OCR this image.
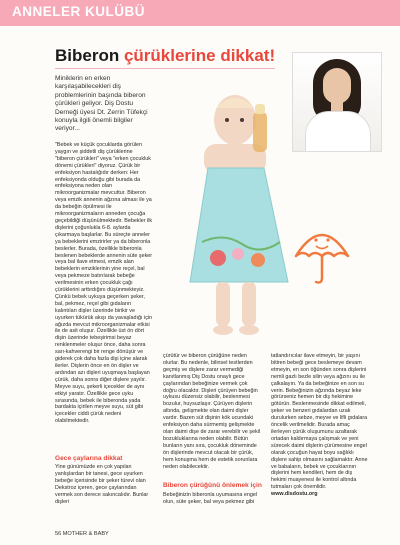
ANNELER KULÜBÜ
Biberon çürüklerine dikkat!
Miniklerin en erken karşılaşabilecekleri diş problemlerinin başında biberon çürükleri geliyor. Diş Dostu Derneği üyesi Dt. Zerrin Tüfekçi konuyla ilgili önemli bilgiler veriyor...

"Bebek ve küçük çocuklarda görülen yaygın ve şiddetli diş çürüklerine "biberon çürükleri" veya "erken çocukluk dönemi çürükleri" diyoruz. Çürük bir enfeksiyon hastalığıdır derken: Her enfeksiyonda olduğu gibi burada da enfeksiyona neden olan mikroorganizmalar mevcuttur. Biberon veya emzik annenin ağzına alması ile ya da bebeğin öpülmesi ile mikroorganizmaların anneden çocuğa geçebildiği düşünülmektedir. Bebekler ilk dişlerini çoğunlukla 6-8. aylarda çıkarmaya başlarlar. Bu süreçte anneler ya bebeklerini emzirirler ya da biberonla beslerler. Burada, özellikle biberonla beslenen bebeklerde annenin süte şeker veya bal ilave etmesi, emzik alan bebeklerin emziklerinin yine reçel, bal veya pekmeze batırılarak bebeğe verilmesinin erken çocukluk çağı çürüklerini arttırdığını düşünmekteyiz. Çünkü bebek uykuya geçerken şeker, bal, pekmez, reçel gibi gıdaların kalıntıları dişler üzerinde birikir ve uyurken tükürük akışı da yavaşladığı için ağızda mevcut mikroorganizmalar etkisi ile de asit oluşur. Özellikle üst ön dört dişin üzerinde tebeşirimsi beyaz renklenmeler oluşur önce, daha sonra sarı-kahverengi bir renge dönüşür ve giderek çok daha fazla dişi içine alarak ilerler. Dişlerin önce en ön dişler ve ardından azı dişleri uyuşmaya başlayan çürük, daha sonra diğer dişlere yayılır. Meyve suyu, şekerli içecekler de aynı etkiyi yaratır. Özellikle gece uyku sırasında, bebek ile biberonda yada bardakta içirilen meyve suyu, süt gibi içecekler ciddi çürük nedeni olabilmektedir.

Gece çaylarına dikkat
Yine günümüzde en çok yapılan yanlışlardan bir tanesi, gece uyurken bebeğe içerisinde bir şeker türevi olan Dekstroz içeren, gece çaylarından vermek son derece sakıncalıdır. Bunlar dişleri
çürütür ve biberon çürüğüne neden olurlar. Bu nedenle, bilinsel testlerden geçmiş ve dişlere zarar vermediği kanıtlanmış Diş Dostu onaylı gece çaylarından bebeğinize vermek çok doğru olacaktır. Dişleri çürüyen bebeğin uykusu düzensiz olabilir, beslenmesi bozulur, huysuzlaşır. Çürüyen dişlerin altında, gelişmekte olan daimi dişler vardır. Bazen süt dişinin kök ucundaki enfeksiyon daha sürmemiş gelişmekte olan daimi dişe de zarar verebilir ve şekil bozukluklarına neden olabilir. Bütün bunların yanı sıra, çocukluk döneminde ön dişlerinde mevcut olacak bir çürük, hem konuşma hem de estetik sorunlara neden olabilecektir.
Biberon çürüğünü önlemek için
Bebeğinizin biberonla uyumasına engel olun, süte şeker, bal veya pekmez gibi

tatlandırıcılar ilave etmeyin, bir yaşını bitiren bebeği gece beslemeye devam etmeyin, en son öğünden sonra dişlerini nemli gazlı bezle silin veya ağzını su ile çalkalayın. Ya da bebeğinize en son su verin. Bebeğinizin ağzında beyaz leke görürseniz hemen bir diş hekimine götürün. Beslenmesinde dikkat edilmeli, şeker ve benzeri gıdalardan uzak durulurken sebze, meyve ve lifli gıdalara öncelik verilmelidir. Burada amaç ilerleyen çürük oluşumunu azaltarak ortadan kaldırmaya çalışmak ve yeni sürecek daimi dişlerin çürümesine engel olarak çocuğun hayat boyu sağlıklı dişlere sahip olmasını sağlamaktır. Anne ve babaların, bebek ve çocuklarının dişlerini hem kendileri, hem de diş hekimi muayenesi ile kontrol altında tutmaları çok önemlidir.

www.disdostu.org

56 MOTHER & BABY
